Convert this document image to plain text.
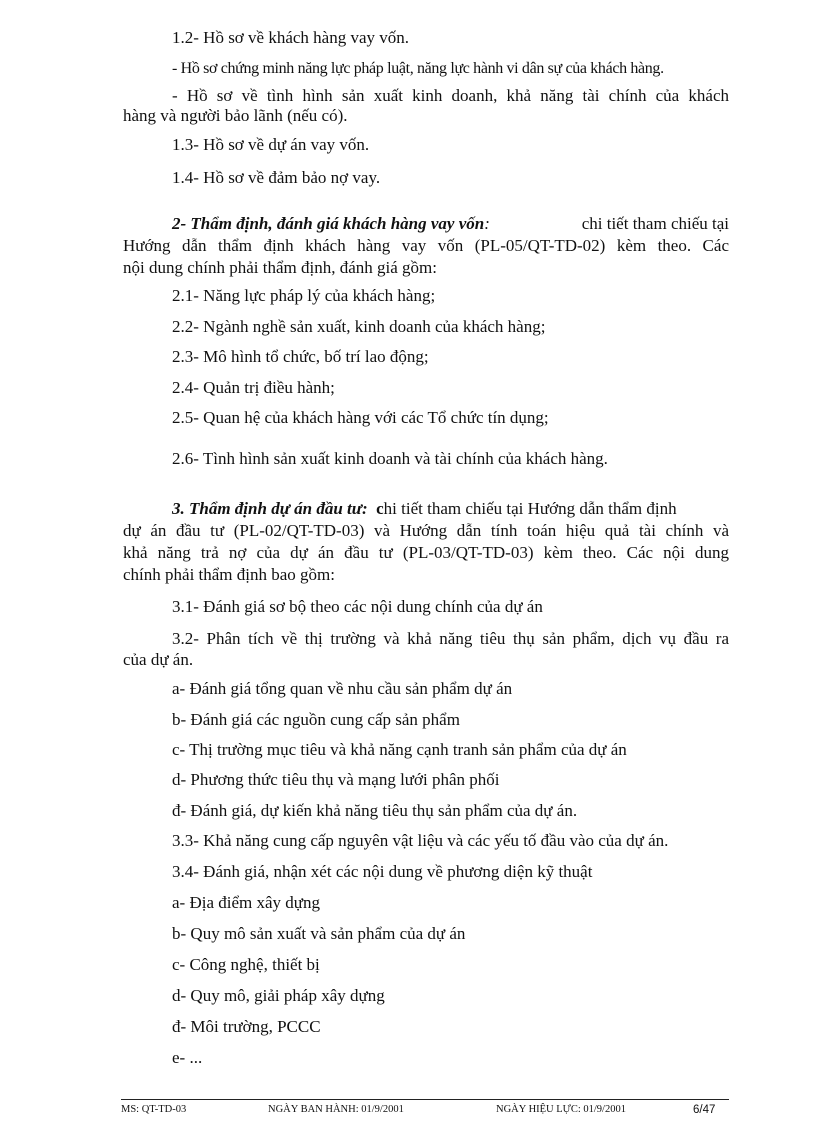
1.2- Hồ sơ về khách hàng vay vốn.

- Hồ sơ chứng minh năng lực pháp luật, năng lực hành vi dân sự của khách hàng.

- Hồ sơ về tình hình sản xuất kinh doanh, khả năng tài chính của khách

hàng và người bảo lãnh (nếu có).

1.3- Hồ sơ về dự án vay vốn.

1.4- Hồ sơ về đảm bảo nợ vay.

2- Thẩm định, đánh giá khách hàng vay vốn:	chi tiết tham chiếu tại

Hướng dẫn thẩm định khách hàng vay vốn (PL-05/QT-TD-02) kèm theo. Các

nội dung chính phải thẩm định, đánh giá gồm:

2.1- Năng lực pháp lý của khách hàng;

2.2- Ngành nghề sản xuất, kinh doanh của khách hàng;

2.3- Mô hình tổ chức, bố trí lao động;

2.4- Quản trị điều hành;

2.5- Quan hệ của khách hàng với các Tổ chức tín dụng;

2.6- Tình hình sản xuất kinh doanh và tài chính của khách hàng.

3. Thẩm định dự án đầu tư: chi tiết tham chiếu tại Hướng dẫn thẩm định

dự án đầu tư (PL-02/QT-TD-03) và Hướng dẫn tính toán hiệu quả tài chính và

khả năng trả nợ của dự án đầu tư (PL-03/QT-TD-03) kèm theo. Các nội dung

chính phải thẩm định bao gồm:

3.1- Đánh giá sơ bộ theo các nội dung chính của dự án

3.2- Phân tích về thị trường và khả năng tiêu thụ sản phẩm, dịch vụ đầu ra

của dự án.

a- Đánh giá tổng quan về nhu cầu sản phẩm dự án

b- Đánh giá các nguồn cung cấp sản phẩm

c- Thị trường mục tiêu và khả năng cạnh tranh sản phẩm của dự án

d- Phương thức tiêu thụ và mạng lưới phân phối

đ- Đánh giá, dự kiến khả năng tiêu thụ sản phẩm của dự án.

3.3- Khả năng cung cấp nguyên vật liệu và các yếu tố đầu vào của dự án.

3.4- Đánh giá, nhận xét các nội dung về phương diện kỹ thuật

a- Địa điểm xây dựng

b- Quy mô sản xuất và sản phẩm của dự án

c- Công nghệ, thiết bị

d- Quy mô, giải pháp xây dựng

đ- Môi trường, PCCC

e- ...

MS: QT-TD-03	NGÀY BAN HÀNH: 01/9/2001	NGÀY HIỆU LỰC: 01/9/2001	6/47
